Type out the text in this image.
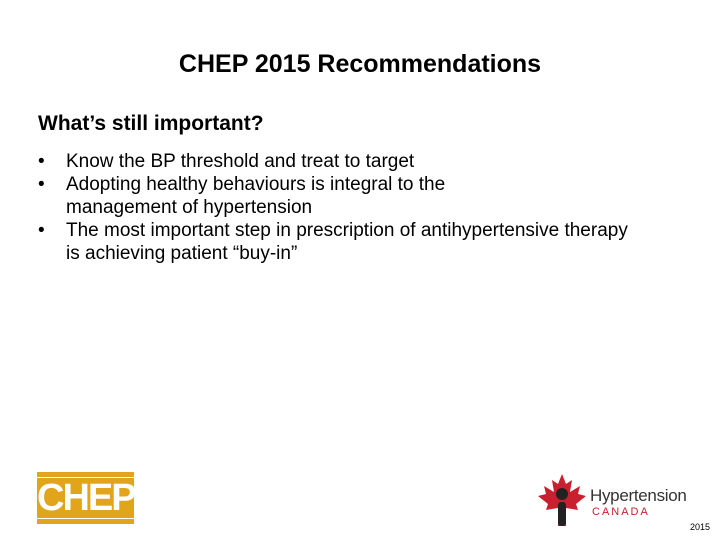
CHEP 2015 Recommendations
What’s still important?
•	Know the BP threshold and treat to target
•	Adopting healthy behaviours is integral to the management of hypertension
•	The most important step in prescription of antihypertensive therapy is achieving patient “buy-in”
CHEP	Hypertension
CANADA
2015
